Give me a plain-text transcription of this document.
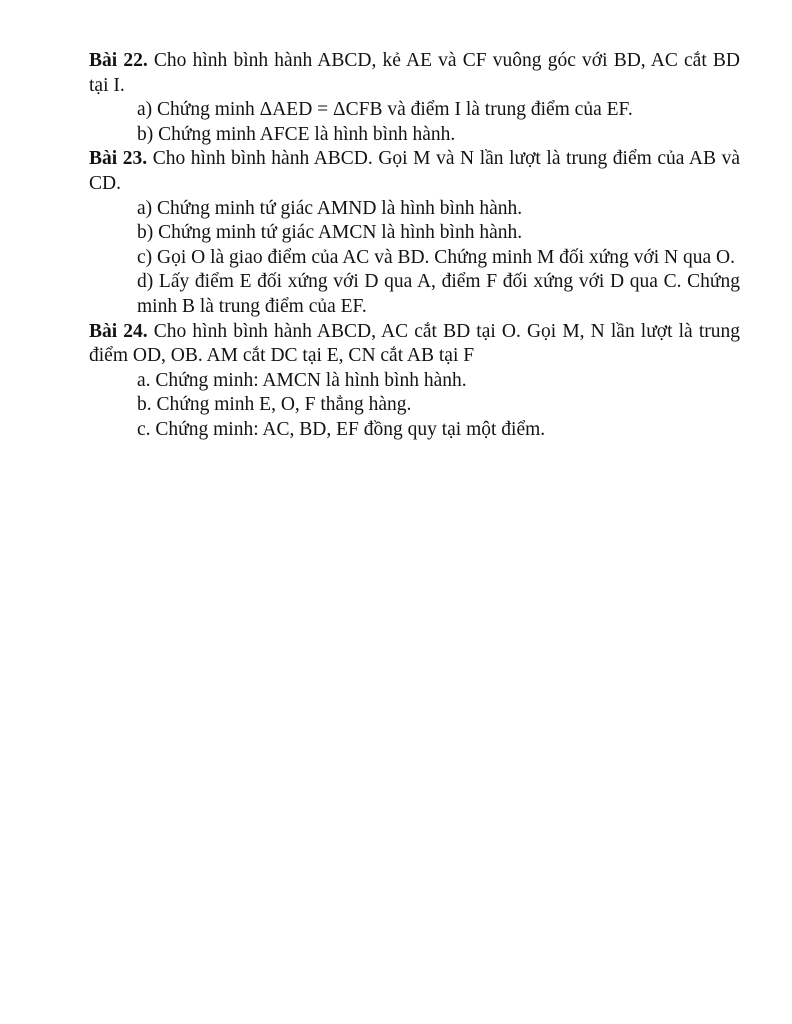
Bài 22. Cho hình bình hành ABCD, kẻ AE và CF vuông góc với BD, AC cắt BD tại I.

a) Chứng minh ΔAED = ΔCFB và điểm I là trung điểm của EF.

b) Chứng minh AFCE là hình bình hành.

Bài 23. Cho hình bình hành ABCD. Gọi M và N lần lượt là trung điểm của AB và CD.

a) Chứng minh tứ giác AMND là hình bình hành.

b) Chứng minh tứ giác AMCN là hình bình hành.

c) Gọi O là giao điểm của AC và BD. Chứng minh M đối xứng với N qua O.

d) Lấy điểm E đối xứng với D qua A, điểm F đối xứng với D qua C. Chứng minh B là trung điểm của EF.

Bài 24. Cho hình bình hành ABCD, AC cắt BD tại O. Gọi M, N lần lượt là trung điểm OD, OB. AM cắt DC tại E, CN cắt AB tại F

a. Chứng minh: AMCN là hình bình hành.

b. Chứng minh E, O, F thẳng hàng.

c. Chứng minh: AC, BD, EF đồng quy tại một điểm.
